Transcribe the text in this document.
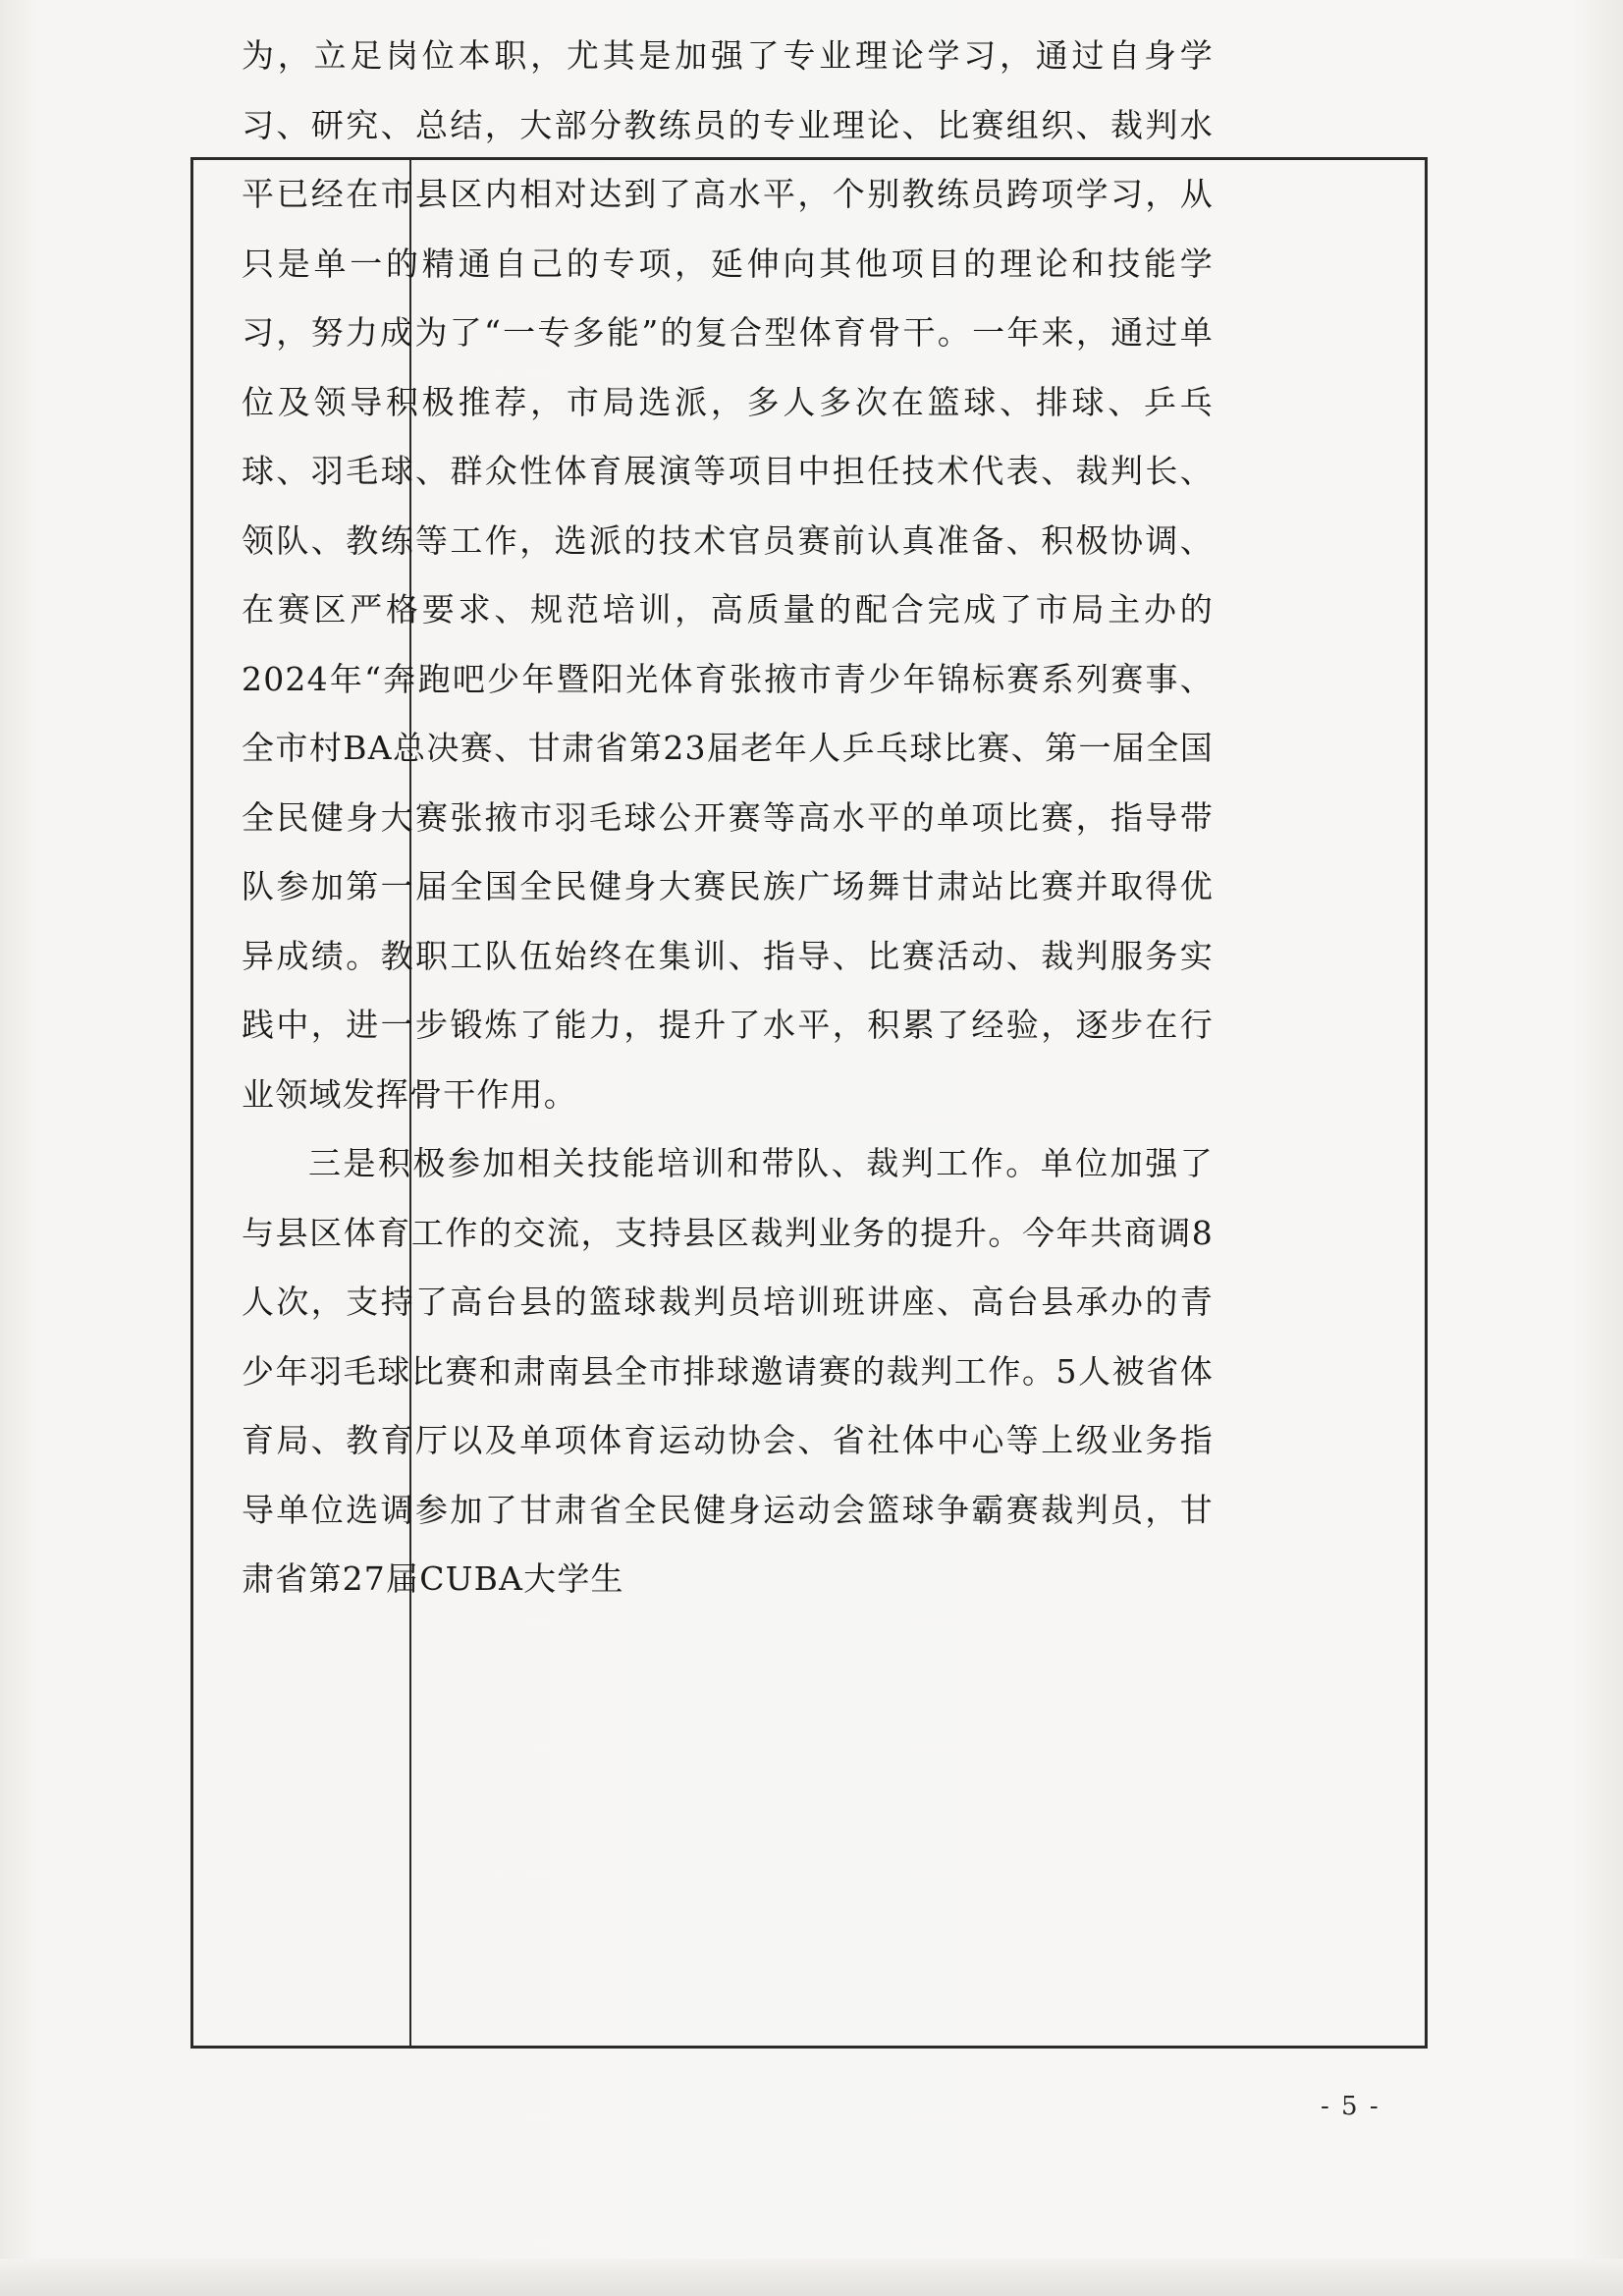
为，立足岗位本职，尤其是加强了专业理论学习，通过自身学习、研究、总结，大部分教练员的专业理论、比赛组织、裁判水平已经在市县区内相对达到了高水平，个别教练员跨项学习，从只是单一的精通自己的专项，延伸向其他项目的理论和技能学习，努力成为了“一专多能”的复合型体育骨干。一年来，通过单位及领导积极推荐，市局选派，多人多次在篮球、排球、乒乓球、羽毛球、群众性体育展演等项目中担任技术代表、裁判长、领队、教练等工作，选派的技术官员赛前认真准备、积极协调、在赛区严格要求、规范培训，高质量的配合完成了市局主办的2024年“奔跑吧少年暨阳光体育张掖市青少年锦标赛系列赛事、全市村BA总决赛、甘肃省第23届老年人乒乓球比赛、第一届全国全民健身大赛张掖市羽毛球公开赛等高水平的单项比赛，指导带队参加第一届全国全民健身大赛民族广场舞甘肃站比赛并取得优异成绩。教职工队伍始终在集训、指导、比赛活动、裁判服务实践中，进一步锻炼了能力，提升了水平，积累了经验，逐步在行业领域发挥骨干作用。

三是积极参加相关技能培训和带队、裁判工作。单位加强了与县区体育工作的交流，支持县区裁判业务的提升。今年共商调8人次，支持了高台县的篮球裁判员培训班讲座、高台县承办的青少年羽毛球比赛和肃南县全市排球邀请赛的裁判工作。5人被省体育局、教育厅以及单项体育运动协会、省社体中心等上级业务指导单位选调参加了甘肃省全民健身运动会篮球争霸赛裁判员，甘肃省第27届CUBA大学生

- 5 -
